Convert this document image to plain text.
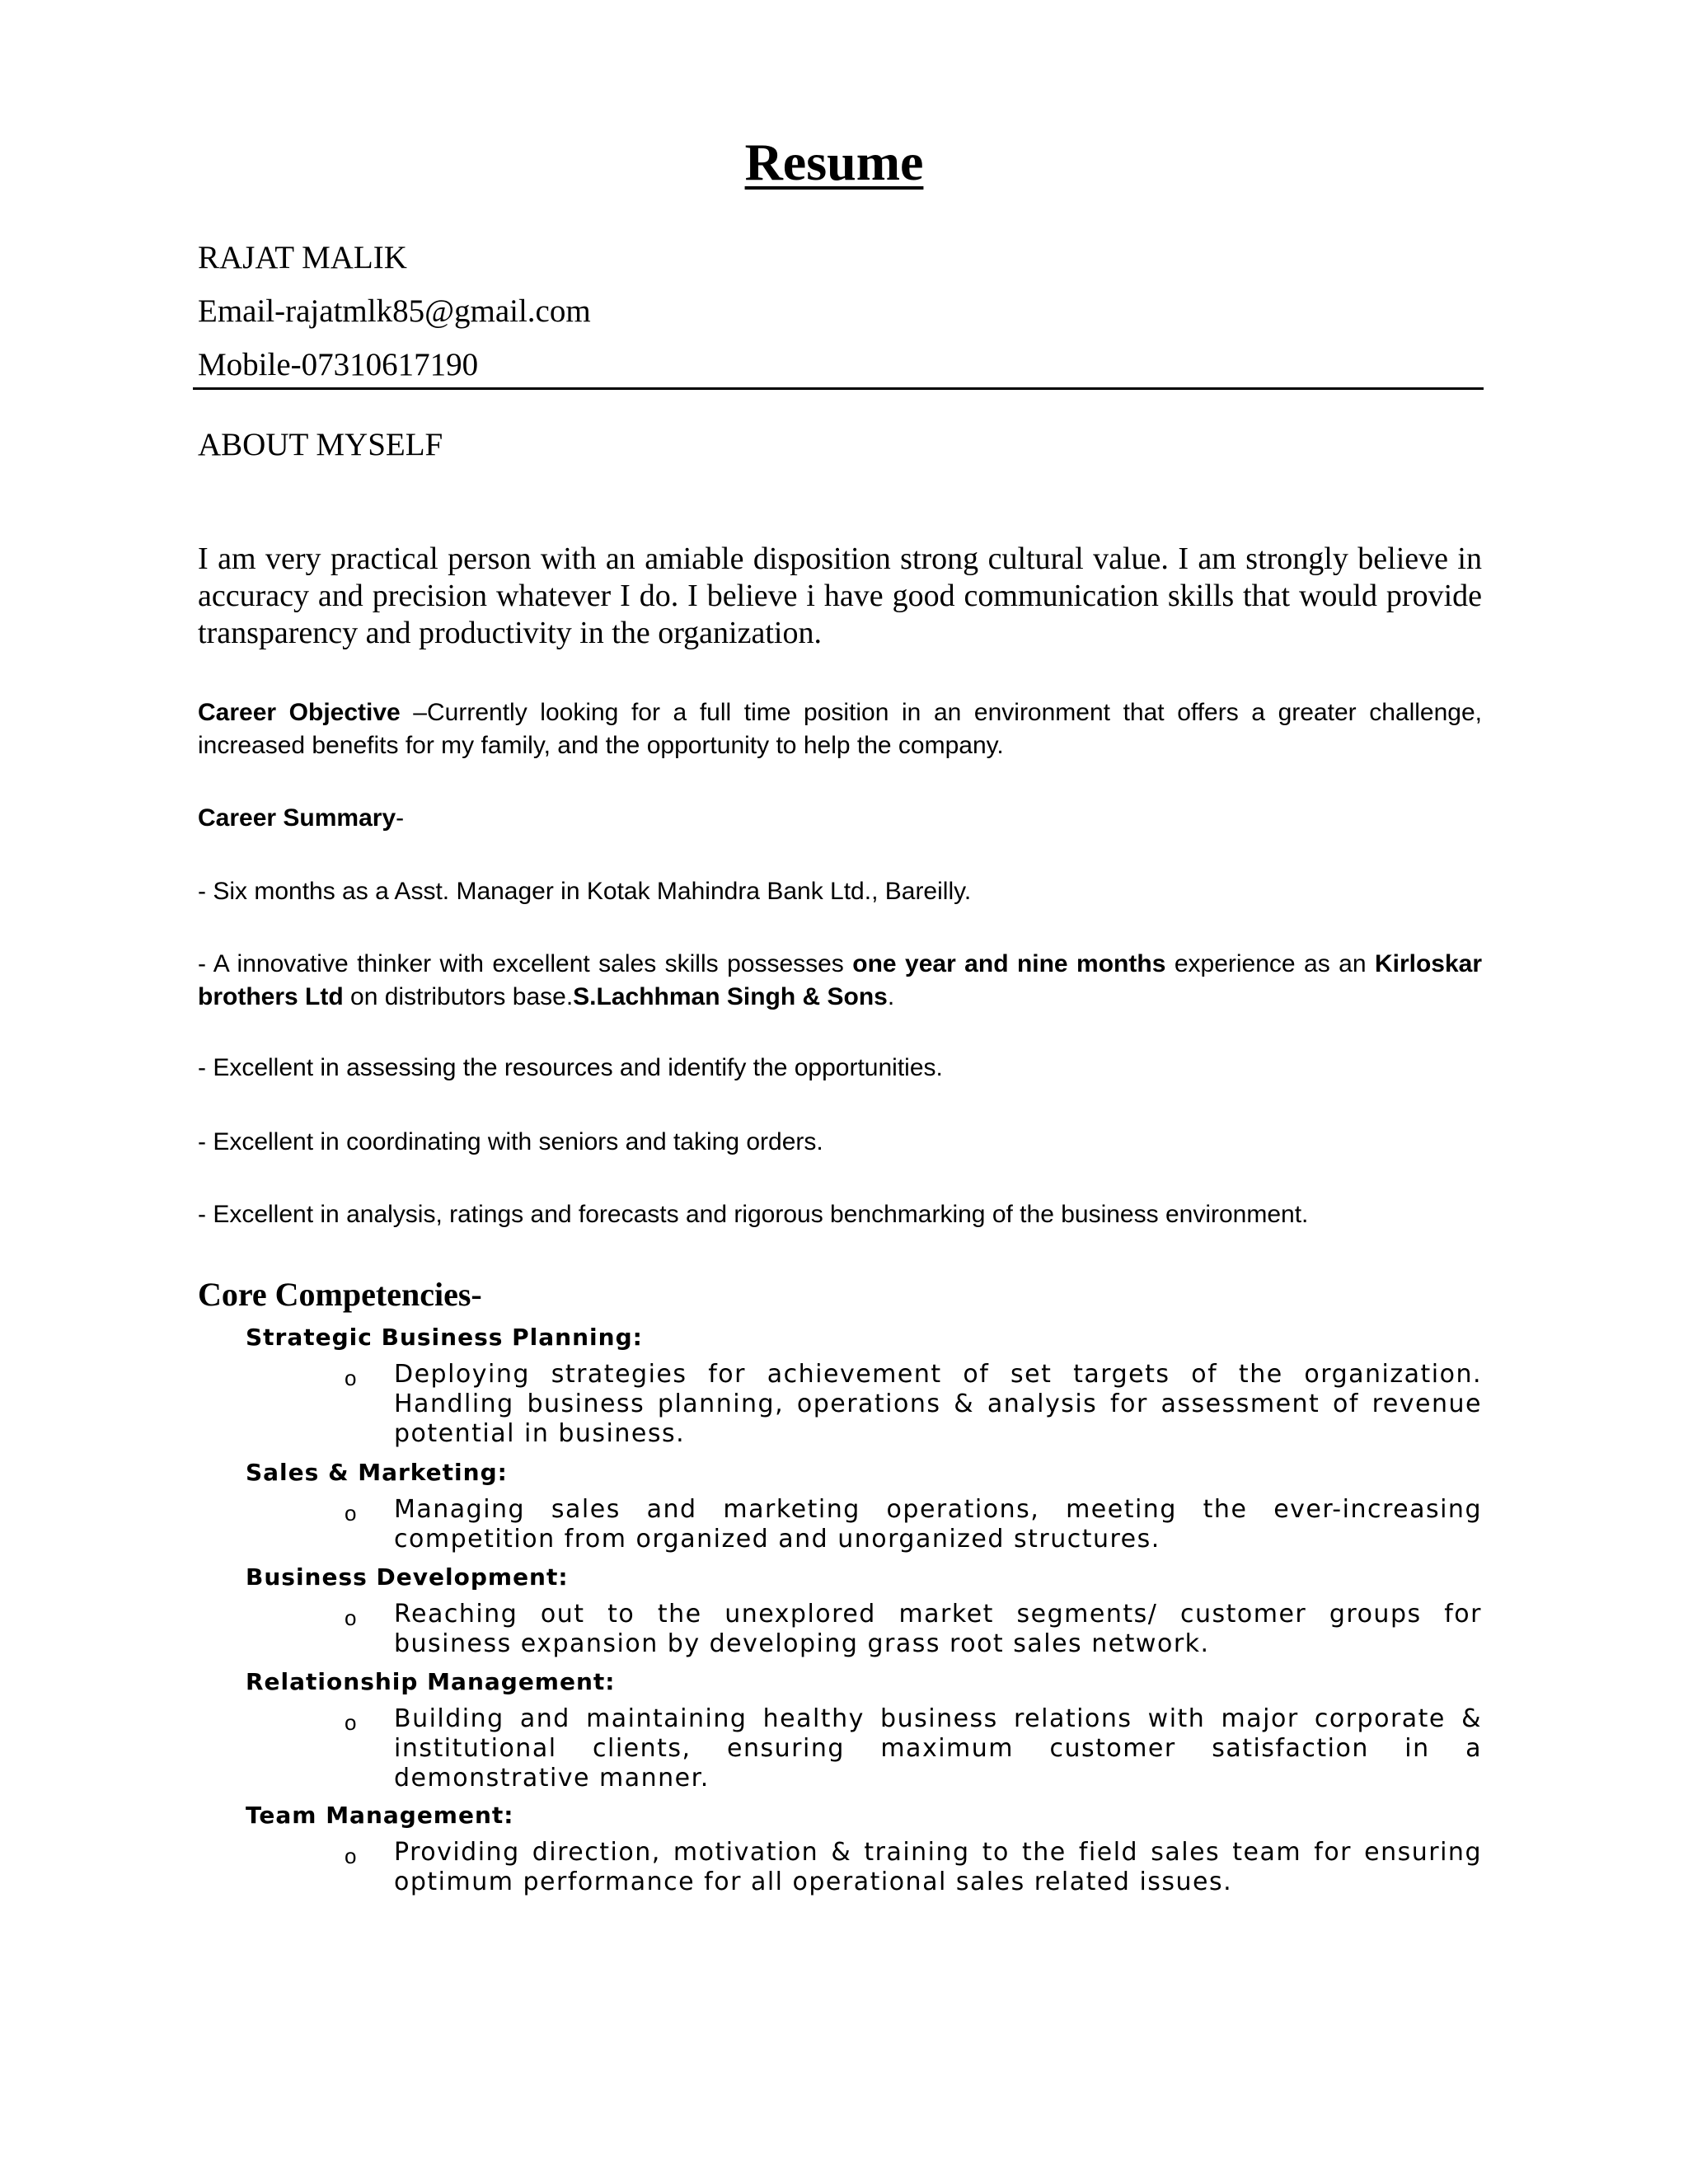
Resume
RAJAT MALIK
Email-rajatmlk85@gmail.com
Mobile-07310617190
ABOUT MYSELF
I am very practical person with an amiable disposition strong cultural value. I am strongly believe in accuracy and precision whatever I do. I believe i have good communication skills that would provide transparency and productivity in the organization.
Career Objective –Currently looking for a full time position in an environment that offers a greater challenge, increased benefits for my family, and the opportunity to help the company.
Career Summary-
- Six months as a Asst. Manager in Kotak Mahindra Bank Ltd., Bareilly.
- A innovative thinker with excellent sales skills possesses one year and nine months experience as an Kirloskar brothers Ltd on distributors base.S.Lachhman Singh & Sons.
- Excellent in assessing the resources and identify the opportunities.
- Excellent in coordinating with seniors and taking orders.
- Excellent in analysis, ratings and forecasts and rigorous benchmarking of the business environment.
Core Competencies-
Strategic Business Planning:
o Deploying strategies for achievement of set targets of the organization. Handling business planning, operations & analysis for assessment of revenue potential in business.
Sales & Marketing:
o Managing sales and marketing operations, meeting the ever-increasing competition from organized and unorganized structures.
Business Development:
o Reaching out to the unexplored market segments/ customer groups for business expansion by developing grass root sales network.
Relationship Management:
o Building and maintaining healthy business relations with major corporate & institutional clients, ensuring maximum customer satisfaction in a demonstrative manner.
Team Management:
o Providing direction, motivation & training to the field sales team for ensuring optimum performance for all operational sales related issues.
